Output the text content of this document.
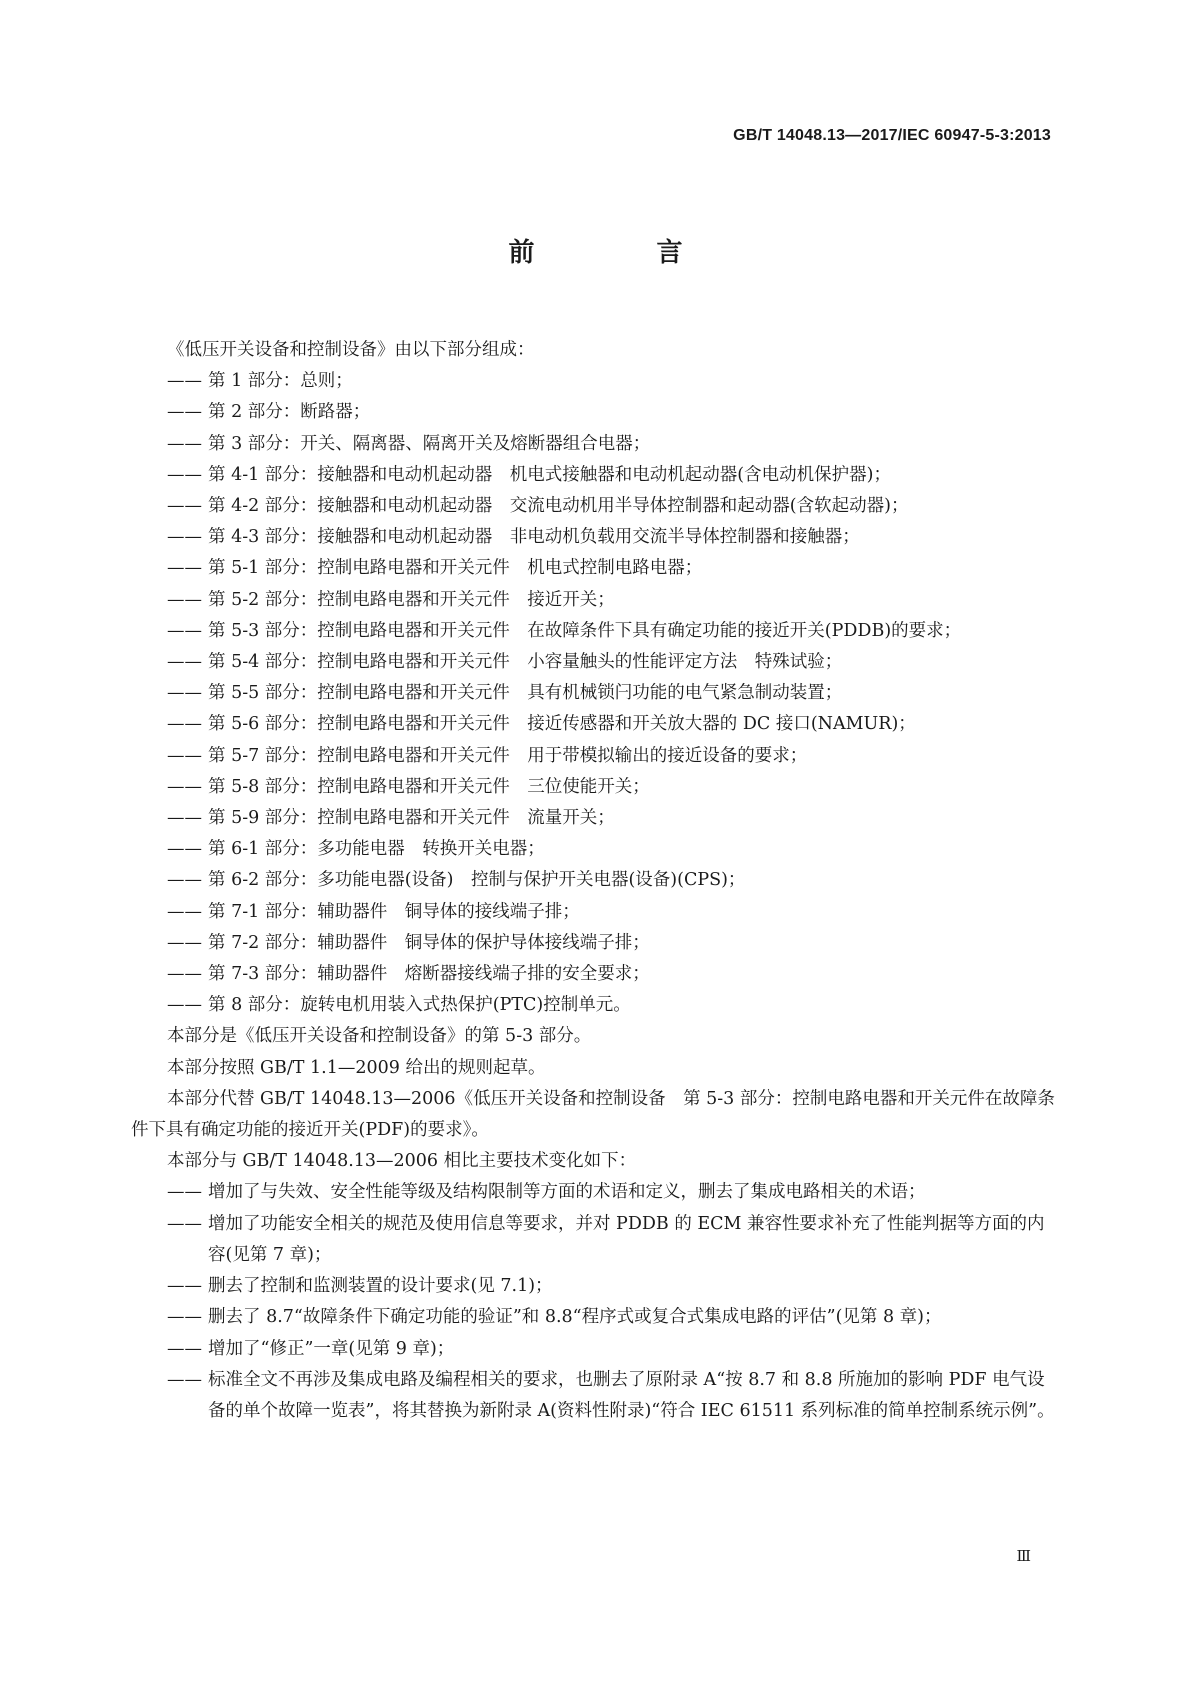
GB/T 14048.13—2017/IEC 60947-5-3:2013
前　言

《低压开关设备和控制设备》由以下部分组成：

—— 第 1 部分：总则；
—— 第 2 部分：断路器；
—— 第 3 部分：开关、隔离器、隔离开关及熔断器组合电器；
—— 第 4-1 部分：接触器和电动机起动器　机电式接触器和电动机起动器(含电动机保护器)；
—— 第 4-2 部分：接触器和电动机起动器　交流电动机用半导体控制器和起动器(含软起动器)；
—— 第 4-3 部分：接触器和电动机起动器　非电动机负载用交流半导体控制器和接触器；
—— 第 5-1 部分：控制电路电器和开关元件　机电式控制电路电器；
—— 第 5-2 部分：控制电路电器和开关元件　接近开关；
—— 第 5-3 部分：控制电路电器和开关元件　在故障条件下具有确定功能的接近开关(PDDB)的要求；
—— 第 5-4 部分：控制电路电器和开关元件　小容量触头的性能评定方法　特殊试验；
—— 第 5-5 部分：控制电路电器和开关元件　具有机械锁闩功能的电气紧急制动装置；
—— 第 5-6 部分：控制电路电器和开关元件　接近传感器和开关放大器的 DC 接口(NAMUR)；
—— 第 5-7 部分：控制电路电器和开关元件　用于带模拟输出的接近设备的要求；
—— 第 5-8 部分：控制电路电器和开关元件　三位使能开关；
—— 第 5-9 部分：控制电路电器和开关元件　流量开关；
—— 第 6-1 部分：多功能电器　转换开关电器；
—— 第 6-2 部分：多功能电器(设备)　控制与保护开关电器(设备)(CPS)；
—— 第 7-1 部分：辅助器件　铜导体的接线端子排；
—— 第 7-2 部分：辅助器件　铜导体的保护导体接线端子排；
—— 第 7-3 部分：辅助器件　熔断器接线端子排的安全要求；
—— 第 8 部分：旋转电机用装入式热保护(PTC)控制单元。

本部分是《低压开关设备和控制设备》的第 5-3 部分。

本部分按照 GB/T 1.1—2009 给出的规则起草。

本部分代替 GB/T 14048.13—2006《低压开关设备和控制设备　第 5-3 部分：控制电路电器和开关元件在故障条件下具有确定功能的接近开关(PDF)的要求》。

本部分与 GB/T 14048.13—2006 相比主要技术变化如下：

—— 增加了与失效、安全性能等级及结构限制等方面的术语和定义，删去了集成电路相关的术语；
—— 增加了功能安全相关的规范及使用信息等要求，并对 PDDB 的 ECM 兼容性要求补充了性能判据等方面的内容(见第 7 章)；
—— 删去了控制和监测装置的设计要求(见 7.1)；
—— 删去了 8.7“故障条件下确定功能的验证”和 8.8“程序式或复合式集成电路的评估”(见第 8 章)；
—— 增加了“修正”一章(见第 9 章)；
—— 标准全文不再涉及集成电路及编程相关的要求，也删去了原附录 A“按 8.7 和 8.8 所施加的影响 PDF 电气设备的单个故障一览表”，将其替换为新附录 A(资料性附录)“符合 IEC 61511 系列标准的简单控制系统示例”。
Ⅲ
